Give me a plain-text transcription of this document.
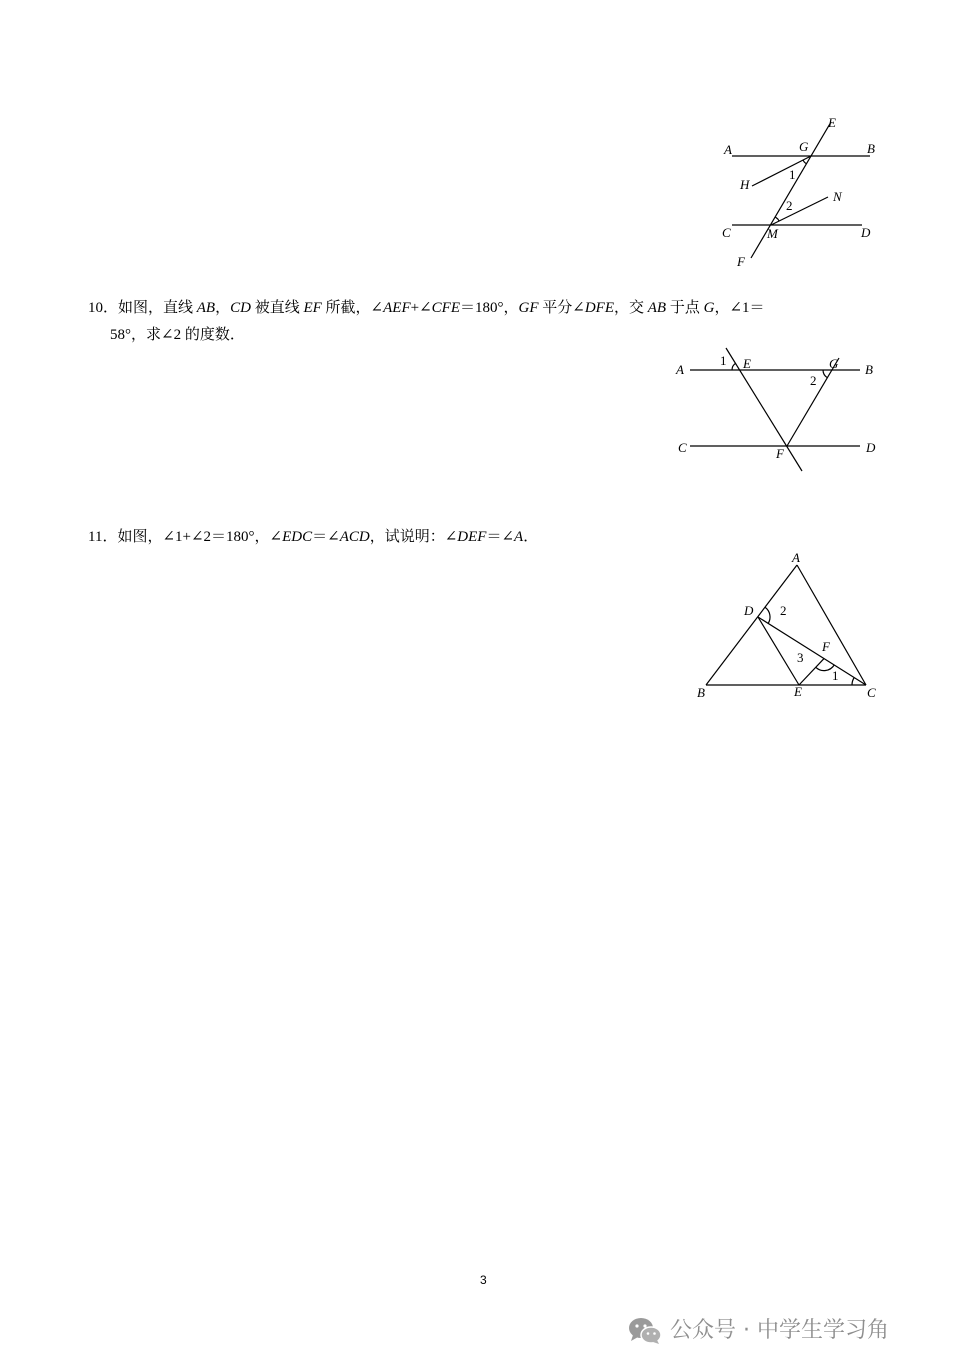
A	G	B
E
H
1
N
2
C	M	D
F
10．如图，直线 AB，CD 被直线 EF 所截，∠AEF+∠CFE＝180°，GF 平分∠DFE，交 AB 于点 G，∠1＝
58°，求∠2 的度数．
A
1 E	G B
2
C	F	D
11．如图，∠1+∠2＝180°，∠EDC＝∠ACD，试说明：∠DEF＝∠A．
A
D 2
F
3
1
B	E	C
3
公众号 · 中学生学习角
